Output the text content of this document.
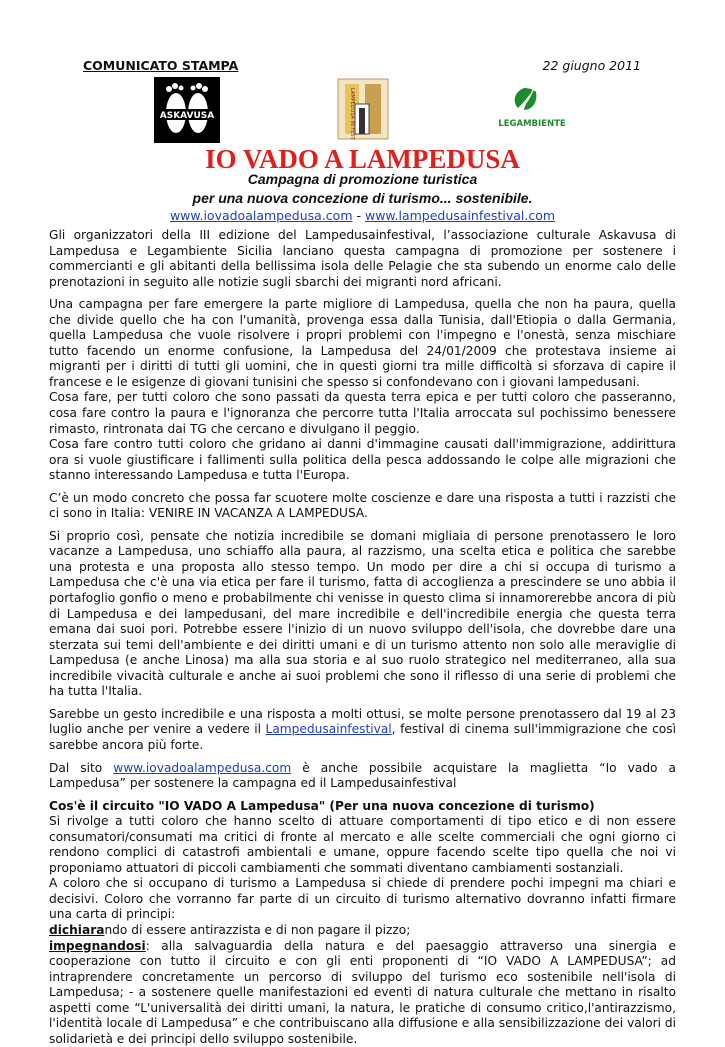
COMUNICATO STAMPA	22 giugno 2011
ASKAVUSA	LAMPEDUSA IN FESTIVAL	LEGAMBIENTE
IO VADO A LAMPEDUSA
Campagna di promozione turistica
per una nuova concezione di turismo... sostenibile.
www.iovadoalampedusa.com - www.lampedusainfestival.com

Gli organizzatori della III edizione del Lampedusainfestival, l’associazione culturale Askavusa di Lampedusa e Legambiente Sicilia lanciano questa campagna di promozione per sostenere i commercianti e gli abitanti della bellissima isola delle Pelagie che sta subendo un enorme calo delle prenotazioni in seguito alle notizie sugli sbarchi dei migranti nord africani.

Una campagna per fare emergere la parte migliore di Lampedusa, quella che non ha paura, quella che divide quello che ha con l'umanità, provenga essa dalla Tunisia, dall'Etiopia o dalla Germania, quella Lampedusa che vuole risolvere i propri problemi con l'impegno e l'onestà, senza mischiare tutto facendo un enorme confusione, la Lampedusa del 24/01/2009 che protestava insieme ai migranti per i diritti di tutti gli uomini, che in questi giorni tra mille difficoltà si sforzava di capire il francese e le esigenze di giovani tunisini che spesso si confondevano con i giovani lampedusani.

Cosa fare, per tutti coloro che sono passati da questa terra epica e per tutti coloro che passeranno, cosa fare contro la paura e l'ignoranza che percorre tutta l'Italia arroccata sul pochissimo benessere rimasto, rintronata dai TG che cercano e divulgano il peggio.

Cosa fare contro tutti coloro che gridano ai danni d'immagine causati dall'immigrazione, addirittura ora si vuole giustificare i fallimenti sulla politica della pesca addossando le colpe alle migrazioni che stanno interessando Lampedusa e tutta l'Europa.

C’è un modo concreto che possa far scuotere molte coscienze e dare una risposta a tutti i razzisti che ci sono in Italia: VENIRE IN VACANZA A LAMPEDUSA.

Si proprio così, pensate che notizia incredibile se domani migliaia di persone prenotassero le loro vacanze a Lampedusa, uno schiaffo alla paura, al razzismo, una scelta etica e politica che sarebbe una protesta e una proposta allo stesso tempo. Un modo per dire a chi si occupa di turismo a Lampedusa che c'è una via etica per fare il turismo, fatta di accoglienza a prescindere se uno abbia il portafoglio gonfio o meno e probabilmente chi venisse in questo clima si innamorerebbe ancora di più di Lampedusa e dei lampedusani, del mare incredibile e dell'incredibile energia che questa terra emana dai suoi pori. Potrebbe essere l'inizio di un nuovo sviluppo dell'isola, che dovrebbe dare una sterzata sui temi dell'ambiente e dei diritti umani e di un turismo attento non solo alle meraviglie di Lampedusa (e anche Linosa) ma alla sua storia e al suo ruolo strategico nel mediterraneo, alla sua incredibile vivacità culturale e anche ai suoi problemi che sono il riflesso di una serie di problemi che ha tutta l'Italia.

Sarebbe un gesto incredibile e una risposta a molti ottusi, se molte persone prenotassero dal 19 al 23 luglio anche per venire a vedere il Lampedusainfestival, festival di cinema sull'immigrazione che così sarebbe ancora più forte.

Dal sito www.iovadoalampedusa.com è anche possibile acquistare la maglietta “Io vado a Lampedusa” per sostenere la campagna ed il Lampedusainfestival

Cos'è il circuito "IO VADO A Lampedusa" (Per una nuova concezione di turismo)

Si rivolge a tutti coloro che hanno scelto di attuare comportamenti di tipo etico e di non essere consumatori/consumati ma critici di fronte al mercato e alle scelte commerciali che ogni giorno ci rendono complici di catastrofi ambientali e umane, oppure facendo scelte tipo quella che noi vi proponiamo attuatori di piccoli cambiamenti che sommati diventano cambiamenti sostanziali.

A coloro che si occupano di turismo a Lampedusa si chiede di prendere pochi impegni ma chiari e decisivi. Coloro che vorranno far parte di un circuito di turismo alternativo dovranno infatti firmare una carta di principi:

dichiarando di essere antirazzista e di non pagare il pizzo;

impegnandosi: alla salvaguardia della natura e del paesaggio attraverso una sinergia e cooperazione con tutto il circuito e con gli enti proponenti di “IO VADO A LAMPEDUSA”; ad intraprendere concretamente un percorso di sviluppo del turismo eco sostenibile nell'isola di Lampedusa; - a sostenere quelle manifestazioni ed eventi di natura culturale che mettano in risalto aspetti come “L'universalità dei diritti umani, la natura, le pratiche di consumo critico,l'antirazzismo, l'identità locale di Lampedusa” e che contribuiscano alla diffusione e alla sensibilizzazione dei valori di solidarietà e dei principi dello sviluppo sostenibile.
